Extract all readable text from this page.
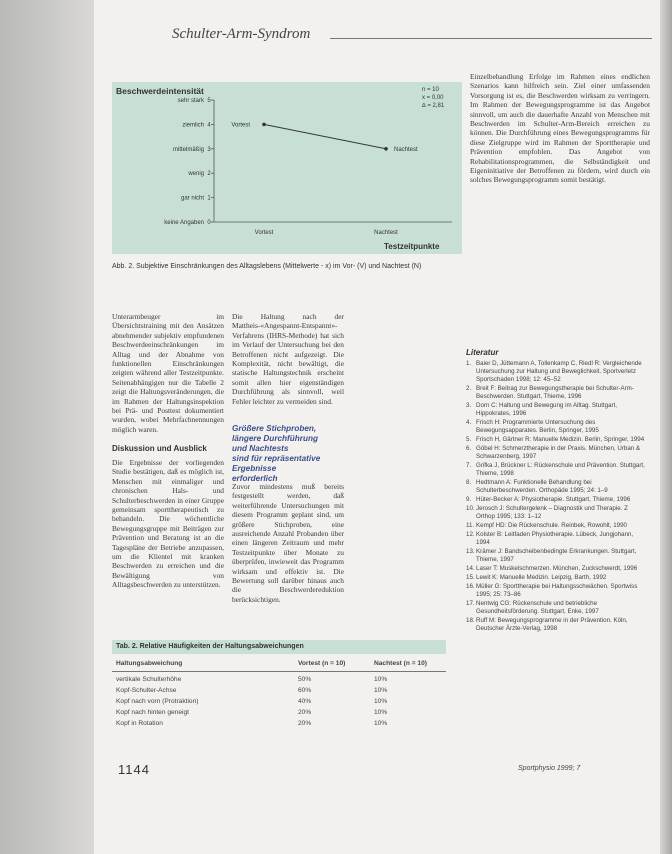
Schulter-Arm-Syndrom
Beschwerdeintensität	n = 10
x = 0,00
∆ = 2,81
keine Angaben 0
gar nicht 1
wenig 2
mittelmäßig 3
ziemlich 4
sehr stark 5
Vortest	Nachtest
Vortest
Nachtest
Testzeitpunkte
Abb. 2. Subjektive Einschränkungen des Alltagslebens (Mittelwerte - x) im Vor- (V) und Nachtest (N)
Unterarmbeuger im Übersichtstraining mit den Ansätzen abnehmender subjektiv empfundenen Beschwerdeeinschränkungen im Alltag und der Abnahme von funktionellen Einschränkungen zeigten während aller Testzeitpunkte. Seitenabhängigen nur die Tabelle 2 zeigt die Haltungsveränderungen, die im Rahmen der Haltungsinspektion bei Prä- und Posttest dokumentiert wurden, wobei Mehrfachnennungen möglich waren.
Diskussion und Ausblick
Die Ergebnisse der vorliegenden Studie bestätigen, daß es möglich ist, Menschen mit einmaliger und chronischen Hals- und Schulterbeschwerden in einer Gruppe gemeinsam sporttherapeutisch zu behandeln. Die wöchentliche Bewegungsgruppe mit Beiträgen zur Prävention und Beratung ist an die Tagespläne der Betriebe anzupassen, um die Klientel mit kranken Beschwerden zu erreichen und die Bewältigung von Alltagsbeschwerden zu unterstützen.
Die Haltung nach der Mattheis-«Angespannt-Entspannt»-Verfahrens (IHRS-Methode) hat sich im Verlauf der Untersuchung bei den Betroffenen nicht aufgezeigt. Die Komplexität, nicht bewältigt, die statische Haltungstechnik erscheint somit allen hier eigenständigen Durchführung als sinnvoll, weil Fehler leichter zu vermeiden sind.
Größere Stichproben,
längere Durchführung
und Nachtests
sind für repräsentative Ergebnisse
erforderlich
Zuvor mindestens muß bereits festgestellt werden, daß weiterführende Untersuchungen mit diesem Programm geplant sind, um größere Stichproben, eine ausreichende Anzahl Probanden über einen längeren Zeitraum und mehr Testzeitpunkte über Monate zu überprüfen, inwieweit das Programm wirksam und effektiv ist. Die Bewertung soll darüber hinaus auch die Beschwerdereduktion berücksichtigen.
Einzelbehandlung Erfolge im Rahmen eines endlichen Szenarios kann hilfreich sein. Ziel einer umfassenden Vorsorgung ist es, die Beschwerden wirksam zu verringern. Im Rahmen der Bewegungsprogramme ist das Angebot sinnvoll, um auch die dauerhafte Anzahl von Menschen mit Beschwerden im Schulter-Arm-Bereich erreichen zu können. Die Durchführung eines Bewegungsprogramms für diese Zielgruppe wird im Rahmen der Sporttherapie und Prävention empfohlen. Das Angebot von Rehabilitationsprogrammen, die Selbständigkeit und Eigeninitiative der Betroffenen zu fördern, wird durch ein solches Bewegungsprogramm somit bestätigt.
Literatur
1. Baier D, Jüttemann A, Tollenkamp C, Riedl R: Vergleichende Untersuchung zur Haltung und Beweglichkeit. Sportverletz Sportschaden 1998; 12: 45–52
2. Breit F: Beitrag zur Bewegungstherapie bei Schulter-Arm-Beschwerden. Stuttgart, Thieme, 1996
3. Dorn C: Haltung und Bewegung im Alltag. Stuttgart, Hippokrates, 1996
4. Frisch H: Programmierte Untersuchung des Bewegungsapparates. Berlin, Springer, 1995
5. Frisch H, Gärtner R: Manuelle Medizin. Berlin, Springer, 1994
6. Göbel H: Schmerztherapie in der Praxis. München, Urban & Schwarzenberg, 1997
7. Grifka J, Brückner L: Rückenschule und Prävention. Stuttgart, Thieme, 1998
8. Hedtmann A: Funktionelle Behandlung bei Schulterbeschwerden. Orthopäde 1995; 24: 1–9
9. Hüter-Becker A: Physiotherapie. Stuttgart, Thieme, 1996
10. Jerosch J: Schultergelenk – Diagnostik und Therapie. Z Orthop 1995; 133: 1–12
11. Kempf HD: Die Rückenschule. Reinbek, Rowohlt, 1990
12. Kolster B: Leitfaden Physiotherapie. Lübeck, Jungjohann, 1994
13. Krämer J: Bandscheibenbedingte Erkrankungen. Stuttgart, Thieme, 1997
14. Laser T: Muskelschmerzen. München, Zuckschwerdt, 1996
15. Lewit K: Manuelle Medizin. Leipzig, Barth, 1992
16. Müller G: Sporttherapie bei Haltungsschwächen. Sportwiss 1995; 25: 73–86
17. Nentwig CG: Rückenschule und betriebliche Gesundheitsförderung. Stuttgart, Enke, 1997
18. Ruff M: Bewegungsprogramme in der Prävention. Köln, Deutscher Ärzte-Verlag, 1998
Tab. 2. Relative Häufigkeiten der Haltungsabweichungen
Haltungsabweichung	Vortest (n = 10)	Nachtest (n = 10)
vertikale Schulterhöhe	50%	10%
Kopf-Schulter-Achse	60%	10%
Kopf nach vorn (Protraktion)	40%	10%
Kopf nach hinten geneigt	20%	10%
Kopf in Rotation	20%	10%
1144	Sportphysio 1999; 7
